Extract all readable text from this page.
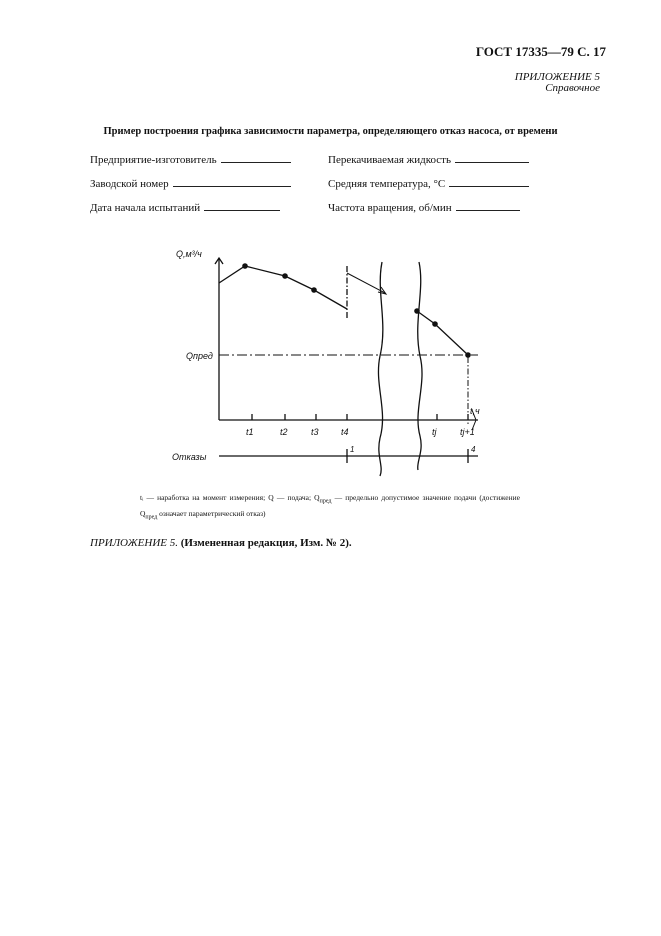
ГОСТ 17335—79 С. 17
ПРИЛОЖЕНИЕ 5
Справочное
Пример построения графика зависимости параметра, определяющего отказ насоса, от времени
Предприятие-изготовитель
Заводской номер
Дата начала испытаний
Перекачиваемая жидкость
Средняя температура, °С
Частота вращения, об/мин
Q,м³/ч
Qпред
t,ч
Отказы
t1	t2	t3 t4	tj	tj+1
1	4
tᵢ — наработка на момент измерения; Q — подача; $Q_{пред}$ — предельно допустимое значение подачи (достижение $Q_{пред}$ означает параметрический отказ)
ПРИЛОЖЕНИЕ 5. (Измененная редакция, Изм. № 2).
